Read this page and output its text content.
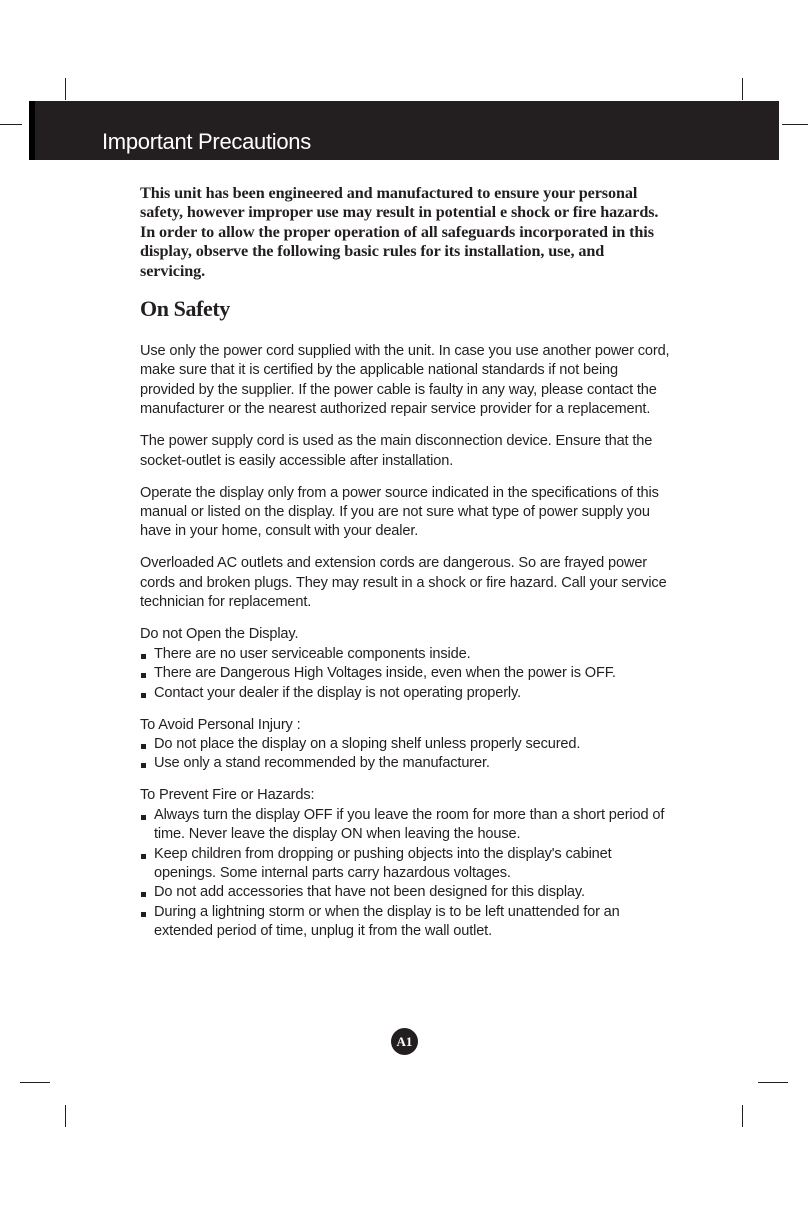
Important Precautions

This unit has been engineered and manufactured to ensure your personal safety, however improper use may result in potential e shock or fire hazards. In order to allow the proper operation of all safeguards incorporated in this display, observe the following basic rules for its installation, use, and servicing.

On Safety

Use only the power cord supplied with the unit. In case you use another power cord, make sure that it is certified by the applicable national standards if not being provided by the supplier. If the power cable is faulty in any way, please contact the manufacturer or the nearest authorized repair service provider for a replacement.

The power supply cord is used as the main disconnection device. Ensure that the socket-outlet is easily accessible after installation.

Operate the display only from a power source indicated in the specifications of this manual or listed on the display. If you are not sure what type of power supply you have in your home, consult with your dealer.

Overloaded AC outlets and extension cords are dangerous. So are frayed power cords and broken plugs. They may result in a shock or fire hazard. Call your service technician for replacement.

Do not Open the Display.
There are no user serviceable components inside.
There are Dangerous High Voltages inside, even when the power is OFF.
Contact your dealer if the display is not operating properly.
To Avoid Personal Injury :
Do not place the display on a sloping shelf unless properly secured.
Use only a stand recommended by the manufacturer.
To Prevent Fire or Hazards:
Always turn the display OFF if you leave the room for more than a short period of time. Never leave the display ON when leaving the house.
Keep children from dropping or pushing objects into the display's cabinet openings. Some internal parts carry hazardous voltages.
Do not add accessories that have not been designed for this display.
During a lightning storm or when the display is to be left unattended for an extended period of time, unplug it from the wall outlet.
A1
